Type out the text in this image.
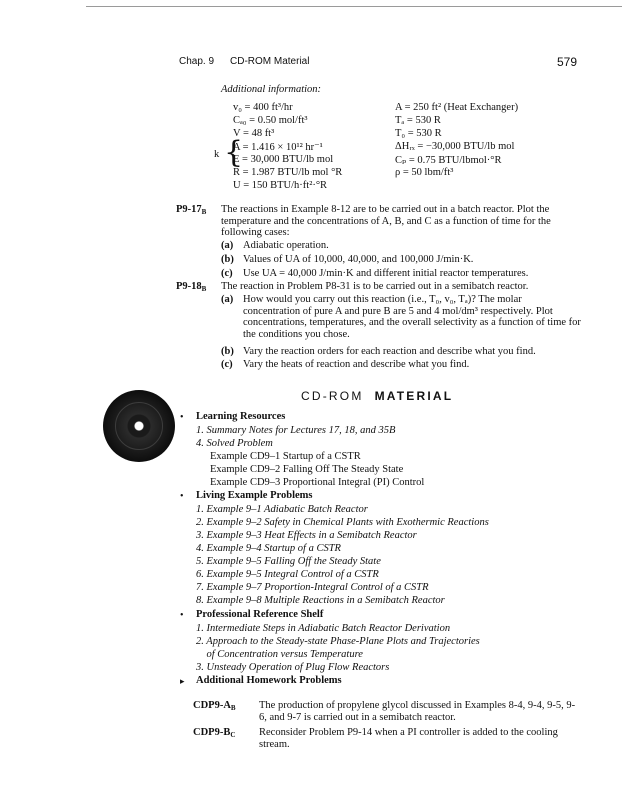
Chap. 9 CD-ROM Material	579
Additional information:
v₀ = 400 ft³/hr
Cₐ₀ = 0.50 mol/ft³
V = 48 ft³
A = 1.416 × 10¹² hr⁻¹
E = 30,000 BTU/lb mol
R = 1.987 BTU/lb mol °R
U = 150 BTU/h·ft²·°R
{
k
A = 250 ft² (Heat Exchanger)
Tₐ = 530 R
T₀ = 530 R
ΔHᵣₓ = −30,000 BTU/lb mol
Cₚ = 0.75 BTU/lbmol·°R
ρ = 50 lbm/ft³
P9-17B The reactions in Example 8-12 are to be carried out in a batch reactor. Plot the temperature and the concentrations of A, B, and C as a function of time for the following cases:
(a) Adiabatic operation.
(b) Values of UA of 10,000, 40,000, and 100,000 J/min·K.
(c) Use UA = 40,000 J/min·K and different initial reactor temperatures.
P9-18B The reaction in Problem P8-31 is to be carried out in a semibatch reactor.
(a) How would you carry out this reaction (i.e., T₀, v₀, Tₐ)? The molar concentration of pure A and pure B are 5 and 4 mol/dm³ respectively. Plot concentrations, temperatures, and the overall selectivity as a function of time for the conditions you chose.
(b) Vary the reaction orders for each reaction and describe what you find.
(c) Vary the heats of reaction and describe what you find.
CD-ROM MATERIAL
• Learning Resources
1. Summary Notes for Lectures 17, 18, and 35B
4. Solved Problem
Example CD9–1 Startup of a CSTR
Example CD9–2 Falling Off The Steady State
Example CD9–3 Proportional Integral (PI) Control
• Living Example Problems
1. Example 9–1 Adiabatic Batch Reactor
2. Example 9–2 Safety in Chemical Plants with Exothermic Reactions
3. Example 9–3 Heat Effects in a Semibatch Reactor
4. Example 9–4 Startup of a CSTR
5. Example 9–5 Falling Off the Steady State
6. Example 9–5 Integral Control of a CSTR
7. Example 9–7 Proportion-Integral Control of a CSTR
8. Example 9–8 Multiple Reactions in a Semibatch Reactor
• Professional Reference Shelf
1. Intermediate Steps in Adiabatic Batch Reactor Derivation
2. Approach to the Steady-state Phase-Plane Plots and Trajectories
of Concentration versus Temperature
3. Unsteady Operation of Plug Flow Reactors
▸ Additional Homework Problems
CDP9-AB The production of propylene glycol discussed in Examples 8-4, 9-4, 9-5, 9-6, and 9-7 is carried out in a semibatch reactor.
CDP9-BC Reconsider Problem P9-14 when a PI controller is added to the cooling stream.
